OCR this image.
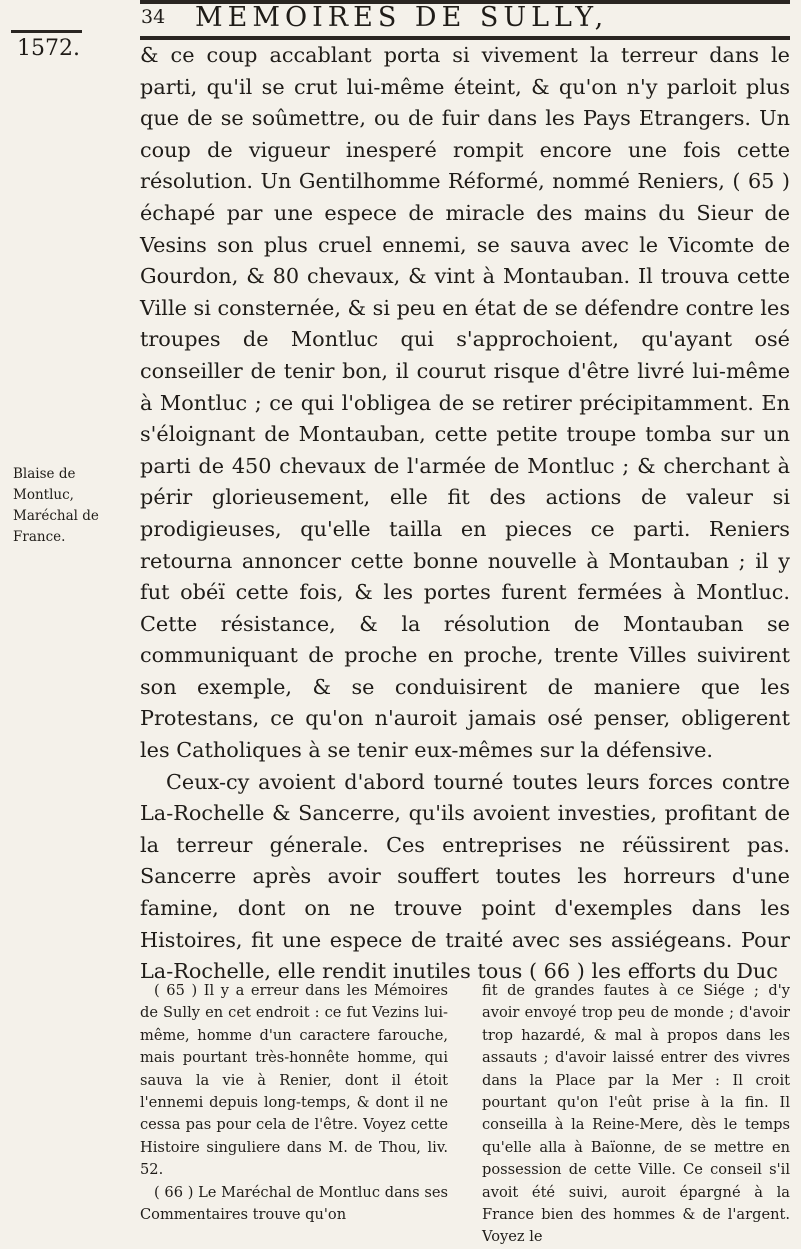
34 MEMOIRES DE SULLY,
1572.
Blaise de Montluc, Maréchal de France.

& ce coup accablant porta si vivement la terreur dans le parti, qu'il se crut lui-même éteint, & qu'on n'y parloit plus que de se soûmettre, ou de fuir dans les Pays Etrangers. Un coup de vigueur inesperé rompit encore une fois cette résolution. Un Gentilhomme Réformé, nommé Reniers, ( 65 ) échapé par une espece de miracle des mains du Sieur de Vesins son plus cruel ennemi, se sauva avec le Vicomte de Gourdon, & 80 chevaux, & vint à Montauban. Il trouva cette Ville si consternée, & si peu en état de se défendre contre les troupes de Montluc qui s'approchoient, qu'ayant osé conseiller de tenir bon, il courut risque d'être livré lui-même à Montluc ; ce qui l'obligea de se retirer précipitamment. En s'éloignant de Montauban, cette petite troupe tomba sur un parti de 450 chevaux de l'armée de Montluc ; & cherchant à périr glorieusement, elle fit des actions de valeur si prodigieuses, qu'elle tailla en pieces ce parti. Reniers retourna annoncer cette bonne nouvelle à Montauban ; il y fut obéï cette fois, & les portes furent fermées à Montluc. Cette résistance, & la résolution de Montauban se communiquant de proche en proche, trente Villes suivirent son exemple, & se conduisirent de maniere que les Protestans, ce qu'on n'auroit jamais osé penser, obligerent les Catholiques à se tenir eux-mêmes sur la défensive.

Ceux-cy avoient d'abord tourné toutes leurs forces contre La-Rochelle & Sancerre, qu'ils avoient investies, profitant de la terreur génerale. Ces entreprises ne réüssirent pas. Sancerre après avoir souffert toutes les horreurs d'une famine, dont on ne trouve point d'exemples dans les Histoires, fit une espece de traité avec ses assiégeans. Pour La-Rochelle, elle rendit inutiles tous ( 66 ) les efforts du Duc

( 65 ) Il y a erreur dans les Mémoires de Sully en cet endroit : ce fut Vezins lui-même, homme d'un caractere farouche, mais pourtant très-honnête homme, qui sauva la vie à Renier, dont il étoit l'ennemi depuis long-temps, & dont il ne cessa pas pour cela de l'être. Voyez cette Histoire singuliere dans M. de Thou, liv. 52.

( 66 ) Le Maréchal de Montluc dans ses Commentaires trouve qu'on

fit de grandes fautes à ce Siége ; d'y avoir envoyé trop peu de monde ; d'avoir trop hazardé, & mal à propos dans les assauts ; d'avoir laissé entrer des vivres dans la Place par la Mer : Il croit pourtant qu'on l'eût prise à la fin. Il conseilla à la Reine-Mere, dès le temps qu'elle alla à Baïonne, de se mettre en possession de cette Ville. Ce conseil s'il avoit été suivi, auroit épargné à la France bien des hommes & de l'argent. Voyez le
